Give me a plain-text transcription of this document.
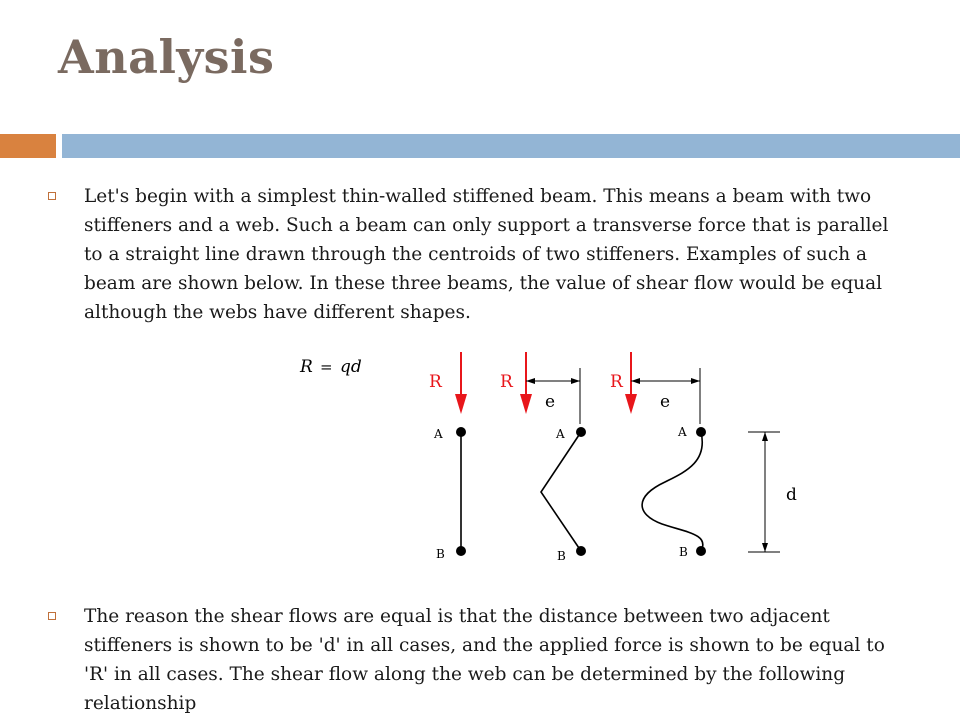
Analysis
Let's begin with a simplest thin-walled stiffened beam. This means a beam with two stiffeners and a web. Such a beam can only support a transverse force that is parallel to a straight line drawn through the centroids of two stiffeners. Examples of such a beam are shown below. In these three beams, the value of shear flow would be equal although the webs have different shapes.
R = qd
R
A
B
R
e
A
B
R
e
A
B
d
The reason the shear flows are equal is that the distance between two adjacent stiffeners is shown to be 'd' in all cases, and the applied force is shown to be equal to 'R' in all cases. The shear flow along the web can be determined by the following relationship
